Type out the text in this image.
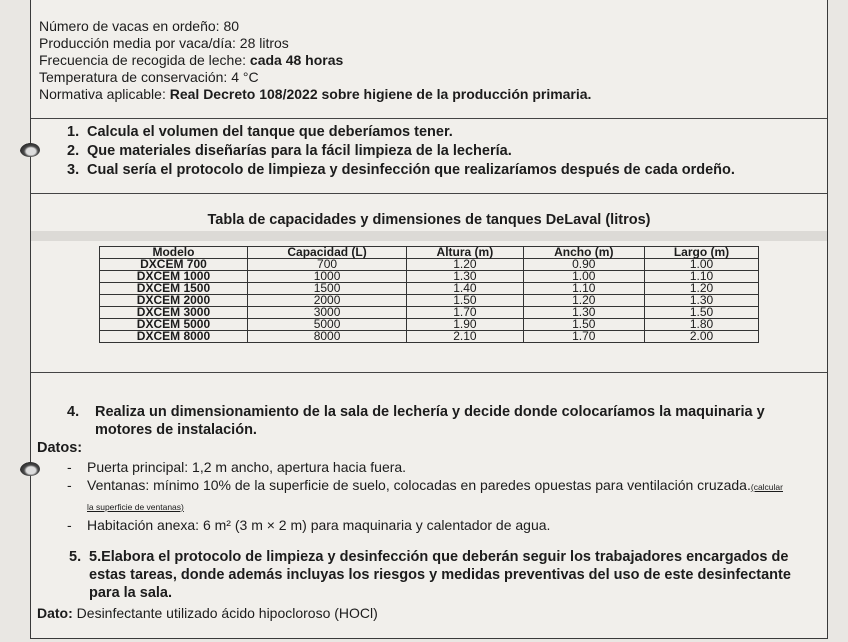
Número de vacas en ordeño: 80
Producción media por vaca/día: 28 litros
Frecuencia de recogida de leche: cada 48 horas
Temperatura de conservación: 4 °C
Normativa aplicable: Real Decreto 108/2022 sobre higiene de la producción primaria.
1. Calcula el volumen del tanque que deberíamos tener.
2. Que materiales diseñarías para la fácil limpieza de la lechería.
3. Cual sería el protocolo de limpieza y desinfección que realizaríamos después de cada ordeño.
Tabla de capacidades y dimensiones de tanques DeLaval (litros)
Modelo	Capacidad (L)	Altura (m)	Ancho (m)	Largo (m)
DXCEM 700	700	1.20	0.90	1.00
DXCEM 1000	1000	1.30	1.00	1.10
DXCEM 1500	1500	1.40	1.10	1.20
DXCEM 2000	2000	1.50	1.20	1.30
DXCEM 3000	3000	1.70	1.30	1.50
DXCEM 5000	5000	1.90	1.50	1.80
DXCEM 8000	8000	2.10	1.70	2.00
4. Realiza un dimensionamiento de la sala de lechería y decide donde colocaríamos la maquinaria y motores de instalación.
Datos:
- Puerta principal: 1,2 m ancho, apertura hacia fuera.
- Ventanas: mínimo 10% de la superficie de suelo, colocadas en paredes opuestas para ventilación cruzada.(calcular la superficie de ventanas)
- Habitación anexa: 6 m² (3 m × 2 m) para maquinaria y calentador de agua.
5. 5.Elabora el protocolo de limpieza y desinfección que deberán seguir los trabajadores encargados de estas tareas, donde además incluyas los riesgos y medidas preventivas del uso de este desinfectante para la sala.
Dato: Desinfectante utilizado ácido hipocloroso (HOCl)
